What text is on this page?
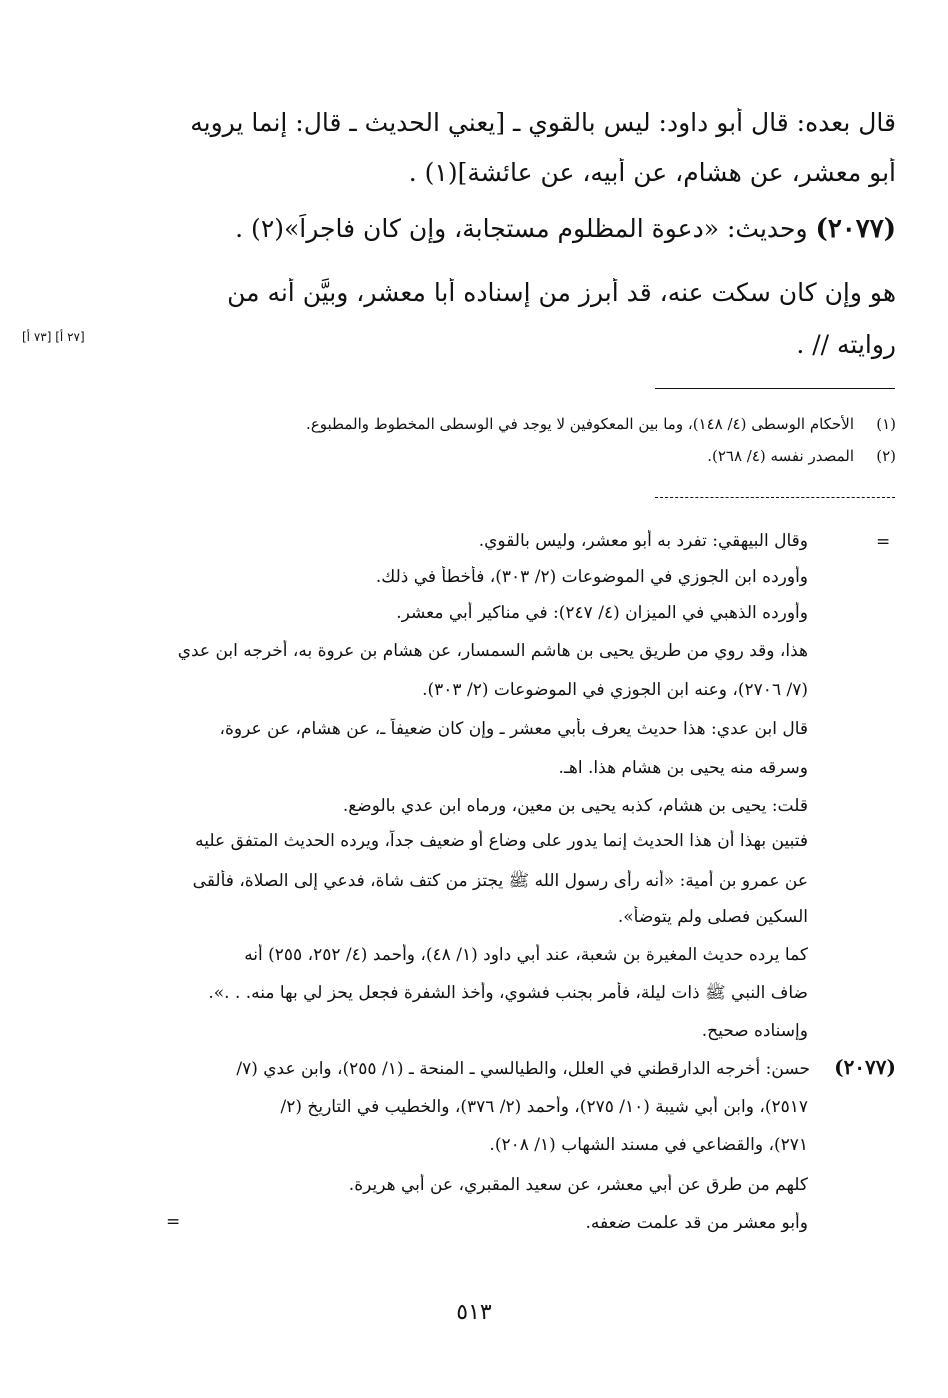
قال بعده: قال أبو داود: ليس بالقوي ـ [يعني الحديث ـ قال: إنما يرويه
أبو معشر، عن هشام، عن أبيه، عن عائشة](١) .
(٢٠٧٧) وحديث: «دعوة المظلوم مستجابة، وإن كان فاجراً»(٢) .
هو وإن كان سكت عنه، قد أبرز من إسناده أبا معشر، وبيَّن أنه من
روايته // .
[٢٧ أ] [٧٣ أ]
(١)الأحكام الوسطى (٤/ ١٤٨)، وما بين المعكوفين لا يوجد في الوسطى المخطوط والمطبوع.
(٢)المصدر نفسه (٤/ ٢٦٨).
=
وقال البيهقي: تفرد به أبو معشر، وليس بالقوي.
وأورده ابن الجوزي في الموضوعات (٢/ ٣٠٣)، فأخطأ في ذلك.
وأورده الذهبي في الميزان (٤/ ٢٤٧): في مناكير أبي معشر.
هذا، وقد روي من طريق يحيى بن هاشم السمسار، عن هشام بن عروة به، أخرجه ابن عدي
(٧/ ٢٧٠٦)، وعنه ابن الجوزي في الموضوعات (٢/ ٣٠٣).
قال ابن عدي: هذا حديث يعرف بأبي معشر ـ وإن كان ضعيفاً ـ، عن هشام، عن عروة،
وسرقه منه يحيى بن هشام هذا. اهـ.
قلت: يحيى بن هشام، كذبه يحيى بن معين، ورماه ابن عدي بالوضع.
فتبين بهذا أن هذا الحديث إنما يدور على وضاع أو ضعيف جداً، ويرده الحديث المتفق عليه
عن عمرو بن أمية: «أنه رأى رسول الله ﷺ يجتز من كتف شاة، فدعي إلى الصلاة، فألقى
السكين فصلى ولم يتوضأ».
كما يرده حديث المغيرة بن شعبة، عند أبي داود (١/ ٤٨)، وأحمد (٤/ ٢٥٢، ٢٥٥) أنه
ضاف النبي ﷺ ذات ليلة، فأمر بجنب فشوي، وأخذ الشفرة فجعل يحز لي بها منه. . .».
وإسناده صحيح.
(٢٠٧٧)حسن: أخرجه الدارقطني في العلل، والطيالسي ـ المنحة ـ (١/ ٢٥٥)، وابن عدي (٧/
٢٥١٧)، وابن أبي شيبة (١٠/ ٢٧٥)، وأحمد (٢/ ٣٧٦)، والخطيب في التاريخ (٢/
٢٧١)، والقضاعي في مسند الشهاب (١/ ٢٠٨).
كلهم من طرق عن أبي معشر، عن سعيد المقبري، عن أبي هريرة.
وأبو معشر من قد علمت ضعفه.
=
٥١٣
